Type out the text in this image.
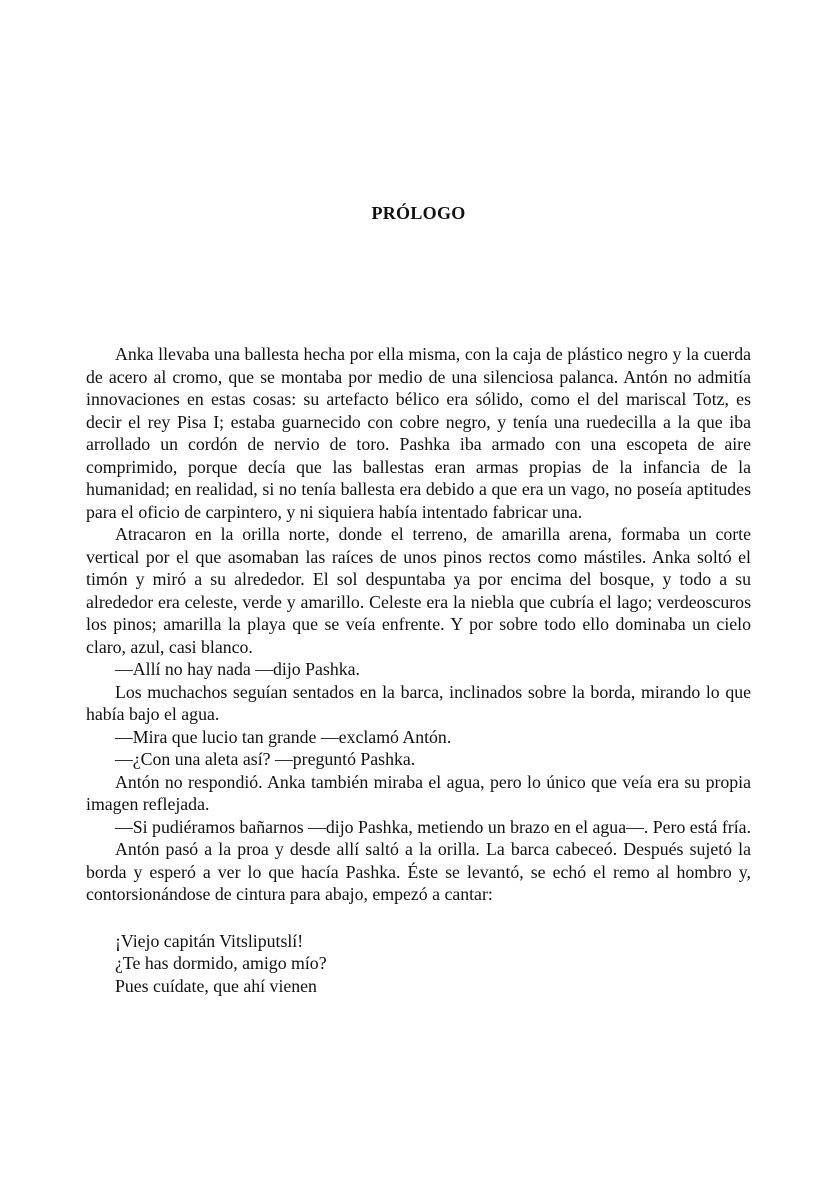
PRÓLOGO

Anka llevaba una ballesta hecha por ella misma, con la caja de plástico negro y la cuerda de acero al cromo, que se montaba por medio de una silenciosa palanca. Antón no admitía innovaciones en estas cosas: su artefacto bélico era sólido, como el del mariscal Totz, es decir el rey Pisa I; estaba guarnecido con cobre negro, y tenía una ruedecilla a la que iba arrollado un cordón de nervio de toro. Pashka iba armado con una escopeta de aire comprimido, porque decía que las ballestas eran armas propias de la infancia de la humanidad; en realidad, si no tenía ballesta era debido a que era un vago, no poseía aptitudes para el oficio de carpintero, y ni siquiera había intentado fabricar una.

Atracaron en la orilla norte, donde el terreno, de amarilla arena, formaba un corte vertical por el que asomaban las raíces de unos pinos rectos como mástiles. Anka soltó el timón y miró a su alrededor. El sol despuntaba ya por encima del bosque, y todo a su alrededor era celeste, verde y amarillo. Celeste era la niebla que cubría el lago; verdeoscuros los pinos; amarilla la playa que se veía enfrente. Y por sobre todo ello dominaba un cielo claro, azul, casi blanco.

—Allí no hay nada —dijo Pashka.

Los muchachos seguían sentados en la barca, inclinados sobre la borda, mirando lo que había bajo el agua.

—Mira que lucio tan grande —exclamó Antón.

—¿Con una aleta así? —preguntó Pashka.

Antón no respondió. Anka también miraba el agua, pero lo único que veía era su propia imagen reflejada.

—Si pudiéramos bañarnos —dijo Pashka, metiendo un brazo en el agua—. Pero está fría.

Antón pasó a la proa y desde allí saltó a la orilla. La barca cabeceó. Después sujetó la borda y esperó a ver lo que hacía Pashka. Éste se levantó, se echó el remo al hombro y, contorsionándose de cintura para abajo, empezó a cantar:

¡Viejo capitán Vitsliputslí!

¿Te has dormido, amigo mío?

Pues cuídate, que ahí vienen
